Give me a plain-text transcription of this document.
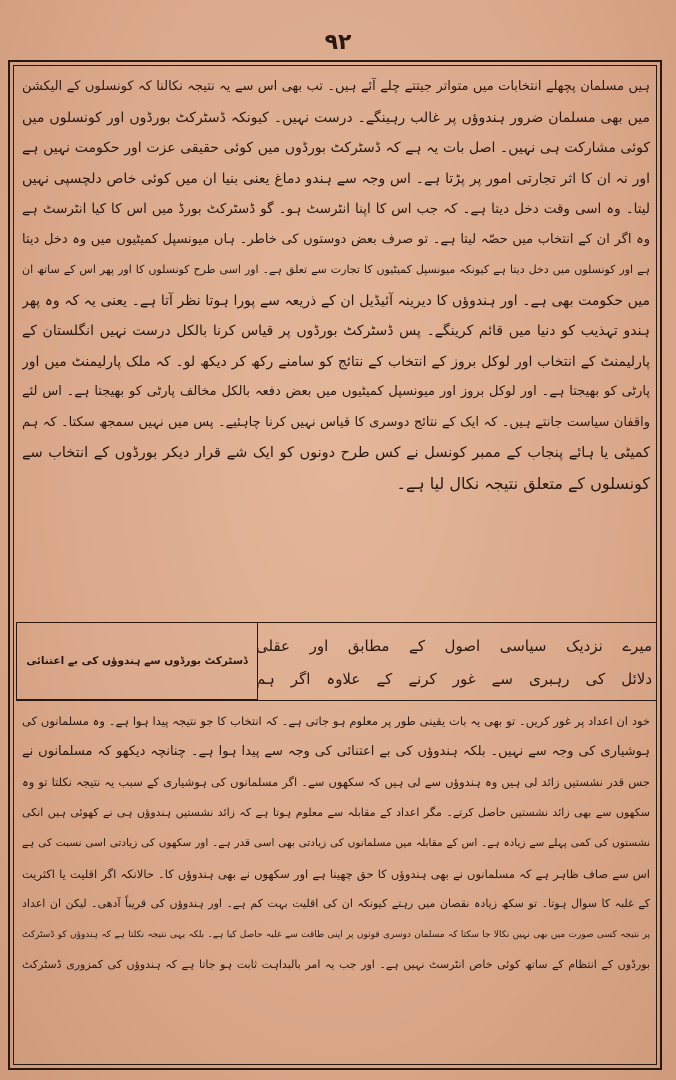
۹۲
ہیں مسلمان پچھلے انتخابات میں متواتر جیتتے چلے آئے ہیں۔ تب بھی اس سے یہ نتیجہ نکالنا کہ کونسلوں کے الیکشن
میں بھی مسلمان ضرور ہندوؤں پر غالب رہینگے۔ درست نہیں۔ کیونکہ ڈسٹرکٹ بورڈوں اور کونسلوں میں
کوئی مشارکت ہی نہیں۔ اصل بات یہ ہے کہ ڈسٹرکٹ بورڈوں میں کوئی حقیقی عزت اور حکومت نہیں ہے
اور نہ ان کا اثر تجارتی امور پر پڑتا ہے۔ اس وجہ سے ہندو دماغ یعنی بنیا ان میں کوئی خاص دلچسپی نہیں
لیتا۔ وہ اسی وقت دخل دیتا ہے۔ کہ جب اس کا اپنا انٹرسٹ ہو۔ گو ڈسٹرکٹ بورڈ میں اس کا کیا انٹرسٹ ہے
وہ اگر ان کے انتخاب میں حصّہ لیتا ہے۔ تو صرف بعض دوستوں کی خاطر۔ ہاں میونسپل کمیٹیوں میں وہ دخل دیتا
ہے اور کونسلوں میں دخل دیتا ہے کیونکہ میونسپل کمیٹیوں کا تجارت سے تعلق ہے۔ اور اسی طرح کونسلوں کا اور پھر اس کے ساتھ ان
میں حکومت بھی ہے۔ اور ہندوؤں کا دیرینہ آئیڈیل ان کے ذریعہ سے پورا ہوتا نظر آتا ہے۔ یعنی یہ کہ وہ پھر
ہندو تہذیب کو دنیا میں قائم کرینگے۔ پس ڈسٹرکٹ بورڈوں پر قیاس کرنا بالکل درست نہیں انگلستان کے
پارلیمنٹ کے انتخاب اور لوکل بروز کے انتخاب کے نتائج کو سامنے رکھ کر دیکھ لو۔ کہ ملک پارلیمنٹ میں اور
پارٹی کو بھیجتا ہے۔ اور لوکل بروز اور میونسپل کمیٹیوں میں بعض دفعہ بالکل مخالف پارٹی کو بھیجتا ہے۔ اس لئے
واقفان سیاست جانتے ہیں۔ کہ ایک کے نتائج دوسری کا قیاس نہیں کرنا چاہئیے۔ پس میں نہیں سمجھ سکتا۔ کہ ہم
کمیٹی یا ہائے پنجاب کے ممبر کونسل نے کس طرح دونوں کو ایک شے قرار دیکر بورڈوں کے انتخاب سے
کونسلوں کے متعلق نتیجہ نکال لیا ہے۔
میرے نزدیک سیاسی اصول کے مطابق اور عقلی
دلائل کی رہبری سے غور کرنے کے علاوہ اگر ہم
ڈسٹرکٹ بورڈوں سے ہندوؤں کی بے اعتنائی
خود ان اعداد پر غور کریں۔ تو بھی یہ بات یقینی طور پر معلوم ہو جاتی ہے۔ کہ انتخاب کا جو نتیجہ پیدا ہوا ہے۔ وہ مسلمانوں کی
ہوشیاری کی وجہ سے نہیں۔ بلکہ ہندوؤں کی بے اعتنائی کی وجہ سے پیدا ہوا ہے۔ چنانچہ دیکھو کہ مسلمانوں نے
جس قدر نشستیں زائد لی ہیں وہ ہندوؤں سے لی ہیں کہ سکھوں سے۔ اگر مسلمانوں کی ہوشیاری کے سبب یہ نتیجہ نکلتا تو وہ
سکھوں سے بھی زائد نشستیں حاصل کرتے۔ مگر اعداد کے مقابلہ سے معلوم ہوتا ہے کہ زائد نشستیں ہندوؤں ہی نے کھوئی ہیں انکی
نشستوں کی کمی پہلے سے زیادہ ہے۔ اس کے مقابلہ میں مسلمانوں کی زیادتی بھی اسی قدر ہے۔ اور سکھوں کی زیادتی اسی نسبت کی ہے
اس سے صاف ظاہر ہے کہ مسلمانوں نے بھی ہندوؤں کا حق چھینا ہے اور سکھوں نے بھی ہندوؤں کا۔ حالانکہ اگر اقلیت یا اکثریت
کے غلبہ کا سوال ہوتا۔ تو سکھ زیادہ نقصان میں رہتے کیونکہ ان کی اقلیت بہت کم ہے۔ اور ہندوؤں کی قریباً آدھی۔ لیکن ان اعداد
پر نتیجہ کسی صورت میں بھی نہیں نکالا جا سکتا کہ مسلمان دوسری قوتوں پر اپنی طاقت سے غلبہ حاصل کیا ہے۔ بلکہ یہی نتیجہ نکلتا ہے کہ ہندوؤں کو ڈسٹرکٹ
بورڈوں کے انتظام کے ساتھ کوئی خاص انٹرسٹ نہیں ہے۔ اور جب یہ امر بالبداہت ثابت ہو جاتا ہے کہ ہندوؤں کی کمزوری ڈسٹرکٹ
